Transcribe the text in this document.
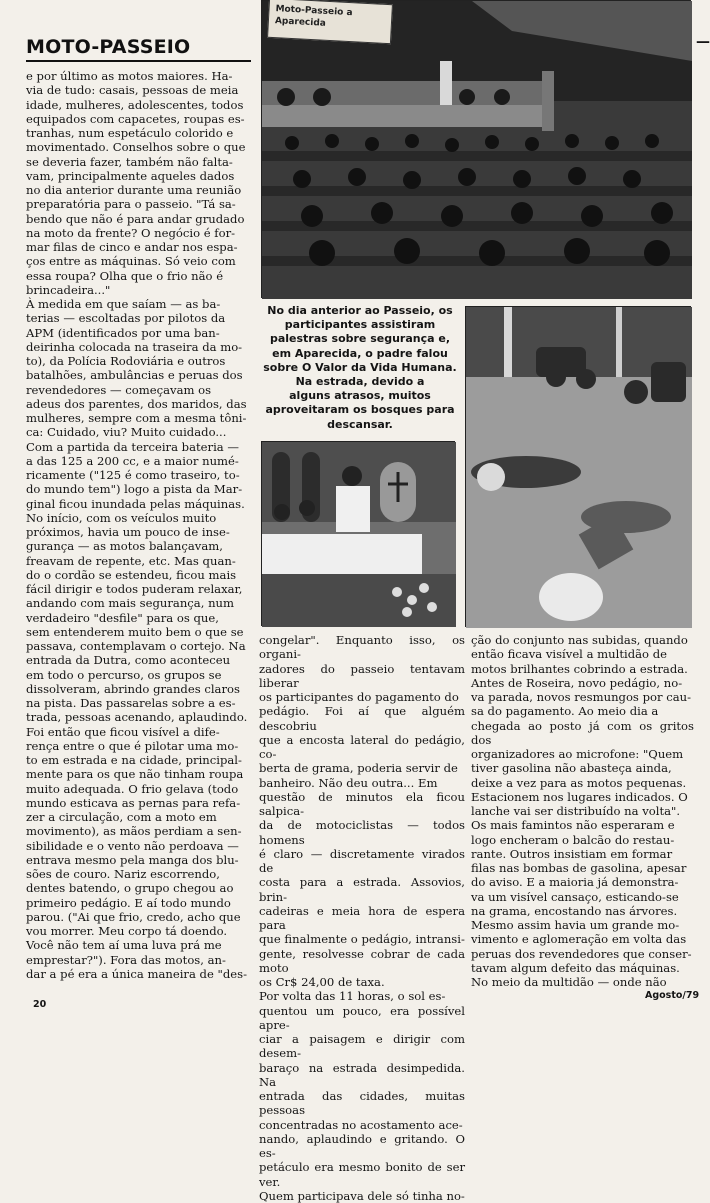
MOTO-PASSEIO	—
e por último as motos maiores. Ha-
via de tudo: casais, pessoas de meia
idade, mulheres, adolescentes, todos
equipados com capacetes, roupas es-
tranhas, num espetáculo colorido e
movimentado. Conselhos sobre o que
se deveria fazer, também não falta-
vam, principalmente aqueles dados
no dia anterior durante uma reunião
preparatória para o passeio. "Tá sa-
bendo que não é para andar grudado
na moto da frente? O negócio é for-
mar filas de cinco e andar nos espa-
ços entre as máquinas. Só veio com
essa roupa? Olha que o frio não é
brincadeira..."
À medida em que saíam — as ba-
terias — escoltadas por pilotos da
APM (identificados por uma ban-
deirinha colocada na traseira da mo-
to), da Polícia Rodoviária e outros
batalhões, ambulâncias e peruas dos
revendedores — começavam os
adeus dos parentes, dos maridos, das
mulheres, sempre com a mesma tôni-
ca: Cuidado, viu? Muito cuidado...
Com a partida da terceira bateria —
a das 125 a 200 cc, e a maior numé-
ricamente ("125 é como traseiro, to-
do mundo tem") logo a pista da Mar-
ginal ficou inundada pelas máquinas.
No início, com os veículos muito
próximos, havia um pouco de inse-
gurança — as motos balançavam,
freavam de repente, etc. Mas quan-
do o cordão se estendeu, ficou mais
fácil dirigir e todos puderam relaxar,
andando com mais segurança, num
verdadeiro "desfile" para os que,
sem entenderem muito bem o que se
passava, contemplavam o cortejo. Na
entrada da Dutra, como aconteceu
em todo o percurso, os grupos se
dissolveram, abrindo grandes claros
na pista. Das passarelas sobre a es-
trada, pessoas acenando, aplaudindo.
Foi então que ficou visível a dife-
rença entre o que é pilotar uma mo-
to em estrada e na cidade, principal-
mente para os que não tinham roupa
muito adequada. O frio gelava (todo
mundo esticava as pernas para refa-
zer a circulação, com a moto em
movimento), as mãos perdiam a sen-
sibilidade e o vento não perdoava —
entrava mesmo pela manga dos blu-
sões de couro. Nariz escorrendo,
dentes batendo, o grupo chegou ao
primeiro pedágio. E aí todo mundo
parou. ("Ai que frio, credo, acho que
vou morrer. Meu corpo tá doendo.
Você não tem aí uma luva prá me
emprestar?"). Fora das motos, an-
dar a pé era a única maneira de "des-
Moto-Passeio a Aparecida
No dia anterior ao Passeio, os
participantes assistiram
palestras sobre segurança e,
em Aparecida, o padre falou
sobre O Valor da Vida Humana.
Na estrada, devido a
alguns atrasos, muitos
aproveitaram os bosques para
descansar.
congelar". Enquanto isso, os organi-
zadores do passeio tentavam liberar
os participantes do pagamento do
pedágio. Foi aí que alguém descobriu
que a encosta lateral do pedágio, co-
berta de grama, poderia servir de
banheiro. Não deu outra... Em
questão de minutos ela ficou salpica-
da de motociclistas — todos homens
é claro — discretamente virados de
costa para a estrada. Assovios, brin-
cadeiras e meia hora de espera para
que finalmente o pedágio, intransi-
gente, resolvesse cobrar de cada moto
os Cr$ 24,00 de taxa.
Por volta das 11 horas, o sol es-
quentou um pouco, era possível apre-
ciar a paisagem e dirigir com desem-
baraço na estrada desimpedida. Na
entrada das cidades, muitas pessoas
concentradas no acostamento ace-
nando, aplaudindo e gritando. O es-
petáculo era mesmo bonito de ser ver.
Quem participava dele só tinha no-
ção do conjunto nas subidas, quando
então ficava visível a multidão de
motos brilhantes cobrindo a estrada.
Antes de Roseira, novo pedágio, no-
va parada, novos resmungos por cau-
sa do pagamento. Ao meio dia a
chegada ao posto já com os gritos dos
organizadores ao microfone: "Quem
tiver gasolina não abasteça ainda,
deixe a vez para as motos pequenas.
Estacionem nos lugares indicados. O
lanche vai ser distribuído na volta".
Os mais famintos não esperaram e
logo encheram o balcão do restau-
rante. Outros insistiam em formar
filas nas bombas de gasolina, apesar
do aviso. E a maioria já demonstra-
va um visível cansaço, esticando-se
na grama, encostando nas árvores.
Mesmo assim havia um grande mo-
vimento e aglomeração em volta das
peruas dos revendedores que conser-
tavam algum defeito das máquinas.
No meio da multidão — onde não
20
Agosto/79
